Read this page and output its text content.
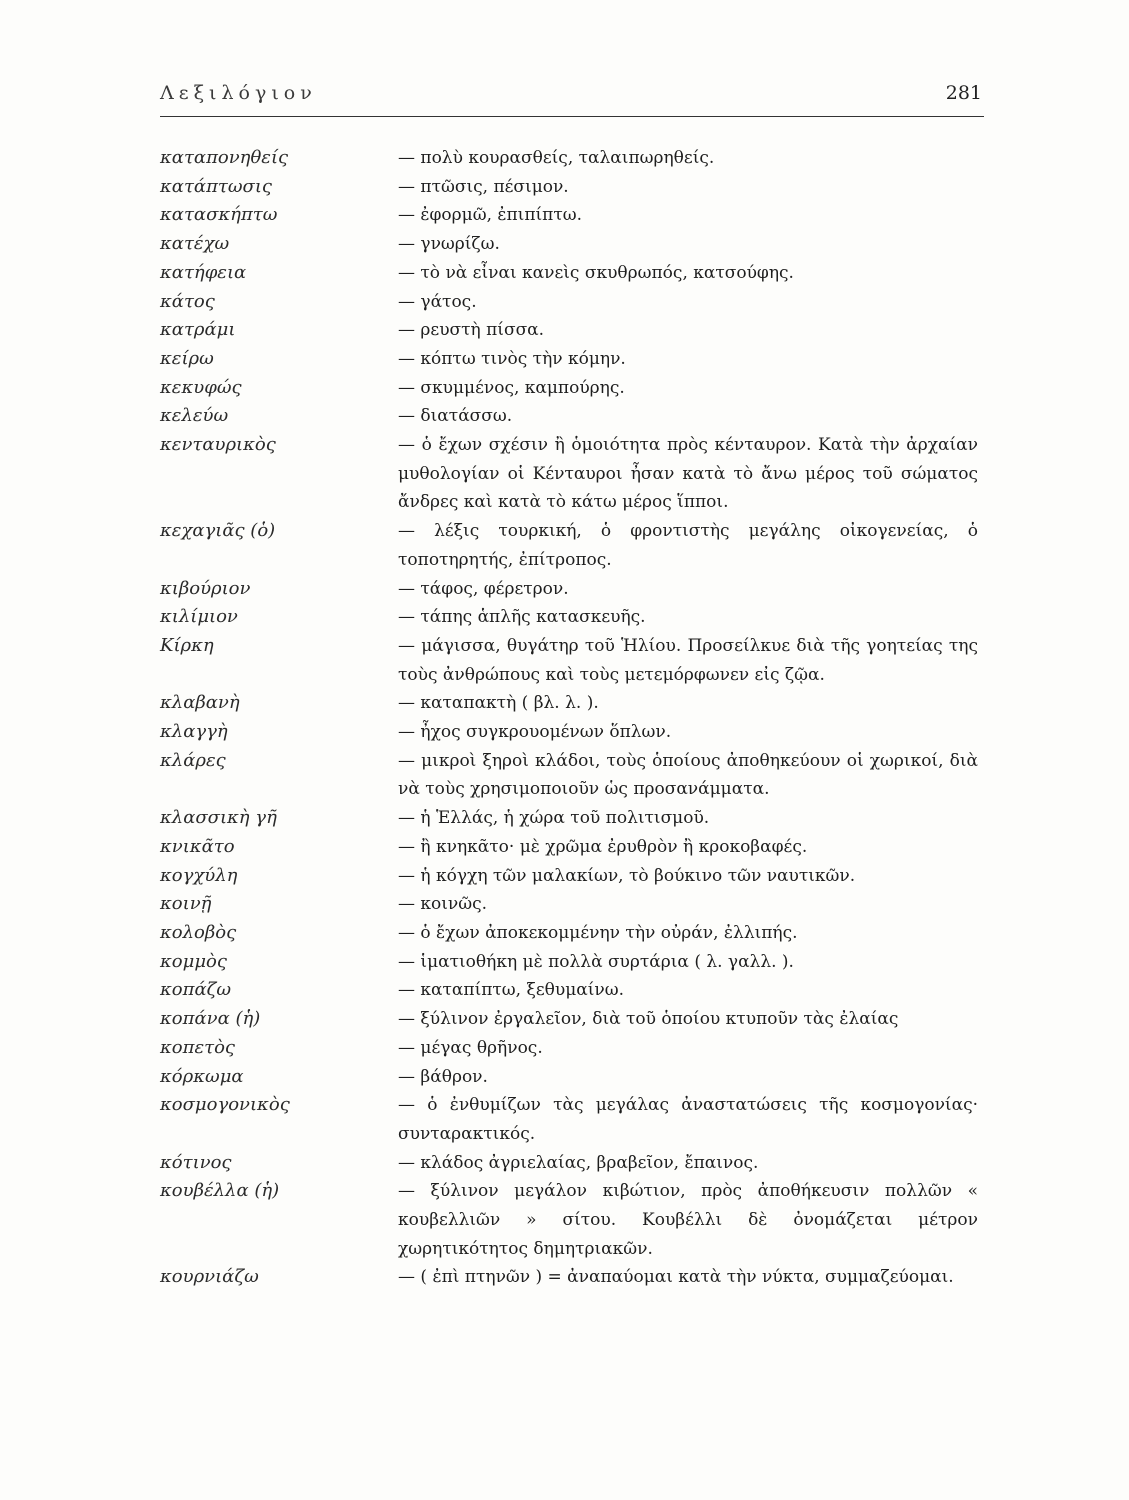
Λεξιλόγιον	281
καταπονηθείς	— πολὺ κουρασθείς, ταλαιπωρηθείς.
κατάπτωσις	— πτῶσις, πέσιμον.
κατασκήπτω	— ἐφορμῶ, ἐπιπίπτω.
κατέχω	— γνωρίζω.
κατήφεια	— τὸ νὰ εἶναι κανεὶς σκυθρωπός, κατσούφης.
κάτος	— γάτος.
κατράμι	— ρευστὴ πίσσα.
κείρω	— κόπτω τινὸς τὴν κόμην.
κεκυφώς	— σκυμμένος, καμπούρης.
κελεύω	— διατάσσω.
κενταυρικὸς	— ὁ ἔχων σχέσιν ἢ ὁμοιότητα πρὸς κένταυρον. Κατὰ τὴν ἀρχαίαν μυθολογίαν οἱ Κένταυροι ἦσαν κατὰ τὸ ἄνω μέρος τοῦ σώματος ἄνδρες καὶ κατὰ τὸ κάτω μέρος ἵπποι.
κεχαγιᾶς (ὁ)	— λέξις τουρκική, ὁ φροντιστὴς μεγάλης οἰκογενείας, ὁ τοποτηρητής, ἐπίτροπος.
κιβούριον	— τάφος, φέρετρον.
κιλίμιον	— τάπης ἁπλῆς κατασκευῆς.
Κίρκη	— μάγισσα, θυγάτηρ τοῦ Ἡλίου. Προσείλκυε διὰ τῆς γοητείας της τοὺς ἀνθρώπους καὶ τοὺς μετεμόρφωνεν εἰς ζῷα.
κλαβανὴ	— καταπακτὴ ( βλ. λ. ).
κλαγγὴ	— ἦχος συγκρουομένων ὅπλων.
κλάρες	— μικροὶ ξηροὶ κλάδοι, τοὺς ὁποίους ἀποθηκεύουν οἱ χωρικοί, διὰ νὰ τοὺς χρησιμοποιοῦν ὡς προσανάμματα.
κλασσικὴ γῆ	— ἡ Ἑλλάς, ἡ χώρα τοῦ πολιτισμοῦ.
κνικᾶτο	— ἢ κνηκᾶτο· μὲ χρῶμα ἐρυθρὸν ἢ κροκοβαφές.
κογχύλη	— ἡ κόγχη τῶν μαλακίων, τὸ βούκινο τῶν ναυτικῶν.
κοινῇ	— κοινῶς.
κολοβὸς	— ὁ ἔχων ἀποκεκομμένην τὴν οὐράν, ἐλλιπής.
κομμὸς	— ἱματιοθήκη μὲ πολλὰ συρτάρια ( λ. γαλλ. ).
κοπάζω	— καταπίπτω, ξεθυμαίνω.
κοπάνα (ἡ)	— ξύλινον ἐργαλεῖον, διὰ τοῦ ὁποίου κτυποῦν τὰς ἐλαίας
κοπετὸς	— μέγας θρῆνος.
κόρκωμα	— βάθρον.
κοσμογονικὸς	— ὁ ἐνθυμίζων τὰς μεγάλας ἀναστατώσεις τῆς κοσμογονίας· συνταρακτικός.
κότινος	— κλάδος ἀγριελαίας, βραβεῖον, ἔπαινος.
κουβέλλα (ἡ)	— ξύλινον μεγάλον κιβώτιον, πρὸς ἀποθήκευσιν πολλῶν « κουβελλιῶν » σίτου. Κουβέλλι δὲ ὀνομάζεται μέτρον χωρητικότητος δημητριακῶν.
κουρνιάζω	— ( ἐπὶ πτηνῶν ) = ἀναπαύομαι κατὰ τὴν νύκτα, συμμαζεύομαι.
